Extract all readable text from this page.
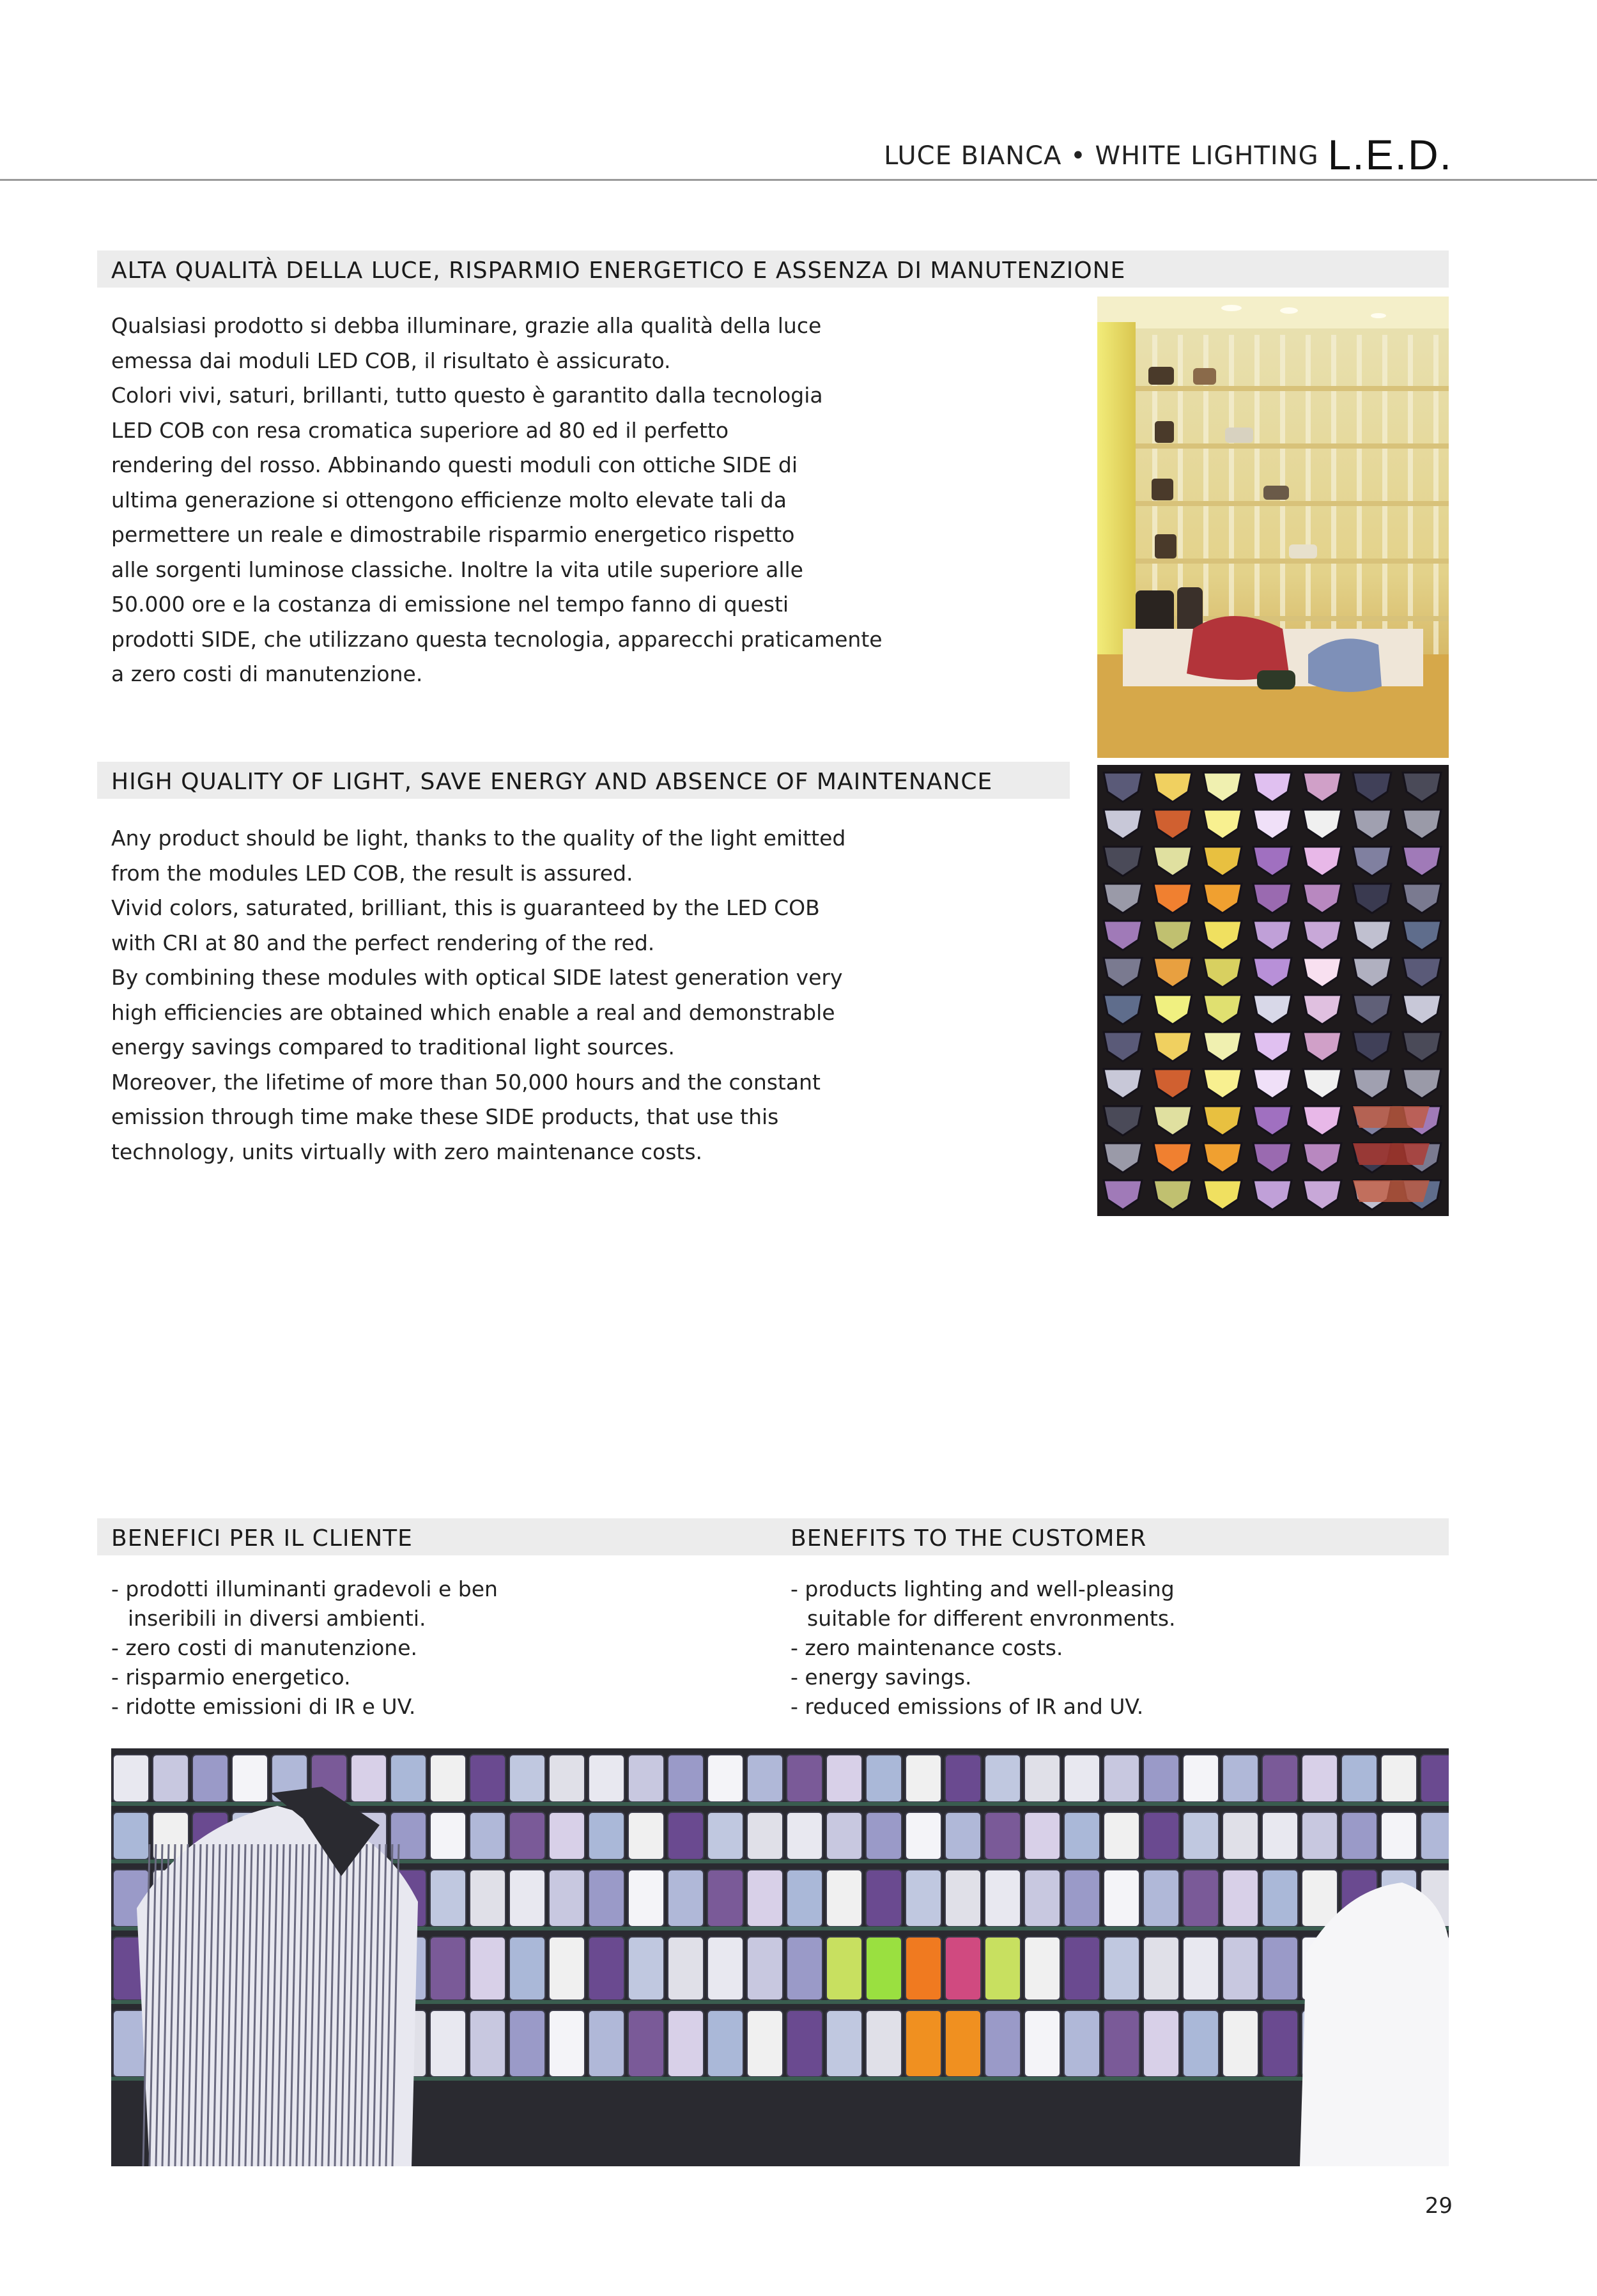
LUCE BIANCA • WHITE LIGHTING L.E.D.
ALTA QUALITÀ DELLA LUCE, RISPARMIO ENERGETICO E ASSENZA DI MANUTENZIONE
Qualsiasi prodotto si debba illuminare, grazie alla qualità della luce
emessa dai moduli LED COB, il risultato è assicurato.
Colori vivi, saturi, brillanti, tutto questo è garantito dalla tecnologia
LED COB con resa cromatica superiore ad 80 ed il perfetto
rendering del rosso. Abbinando questi moduli con ottiche SIDE di
ultima generazione si ottengono efficienze molto elevate tali da
permettere un reale e dimostrabile risparmio energetico rispetto
alle sorgenti luminose classiche. Inoltre la vita utile superiore alle
50.000 ore e la costanza di emissione nel tempo fanno di questi
prodotti SIDE, che utilizzano questa tecnologia, apparecchi praticamente
a zero costi di manutenzione.
HIGH QUALITY OF LIGHT, SAVE ENERGY AND ABSENCE OF MAINTENANCE
Any product should be light, thanks to the quality of the light emitted
from the modules LED COB, the result is assured.
Vivid colors, saturated, brilliant, this is guaranteed by the LED COB
with CRI at 80 and the perfect rendering of the red.
By combining these modules with optical SIDE latest generation very
high efficiencies are obtained which enable a real and demonstrable
energy savings compared to traditional light sources.
Moreover, the lifetime of more than 50,000 hours and the constant
emission through time make these SIDE products, that use this
technology, units virtually with zero maintenance costs.
BENEFICI PER IL CLIENTE	BENEFITS TO THE CUSTOMER
- prodotti illuminanti gradevoli e ben
inseribili in diversi ambienti.
- zero costi di manutenzione.
- risparmio energetico.
- ridotte emissioni di IR e UV.
- products lighting and well-pleasing
suitable for different envronments.
- zero maintenance costs.
- energy savings.
- reduced emissions of IR and UV.
29
